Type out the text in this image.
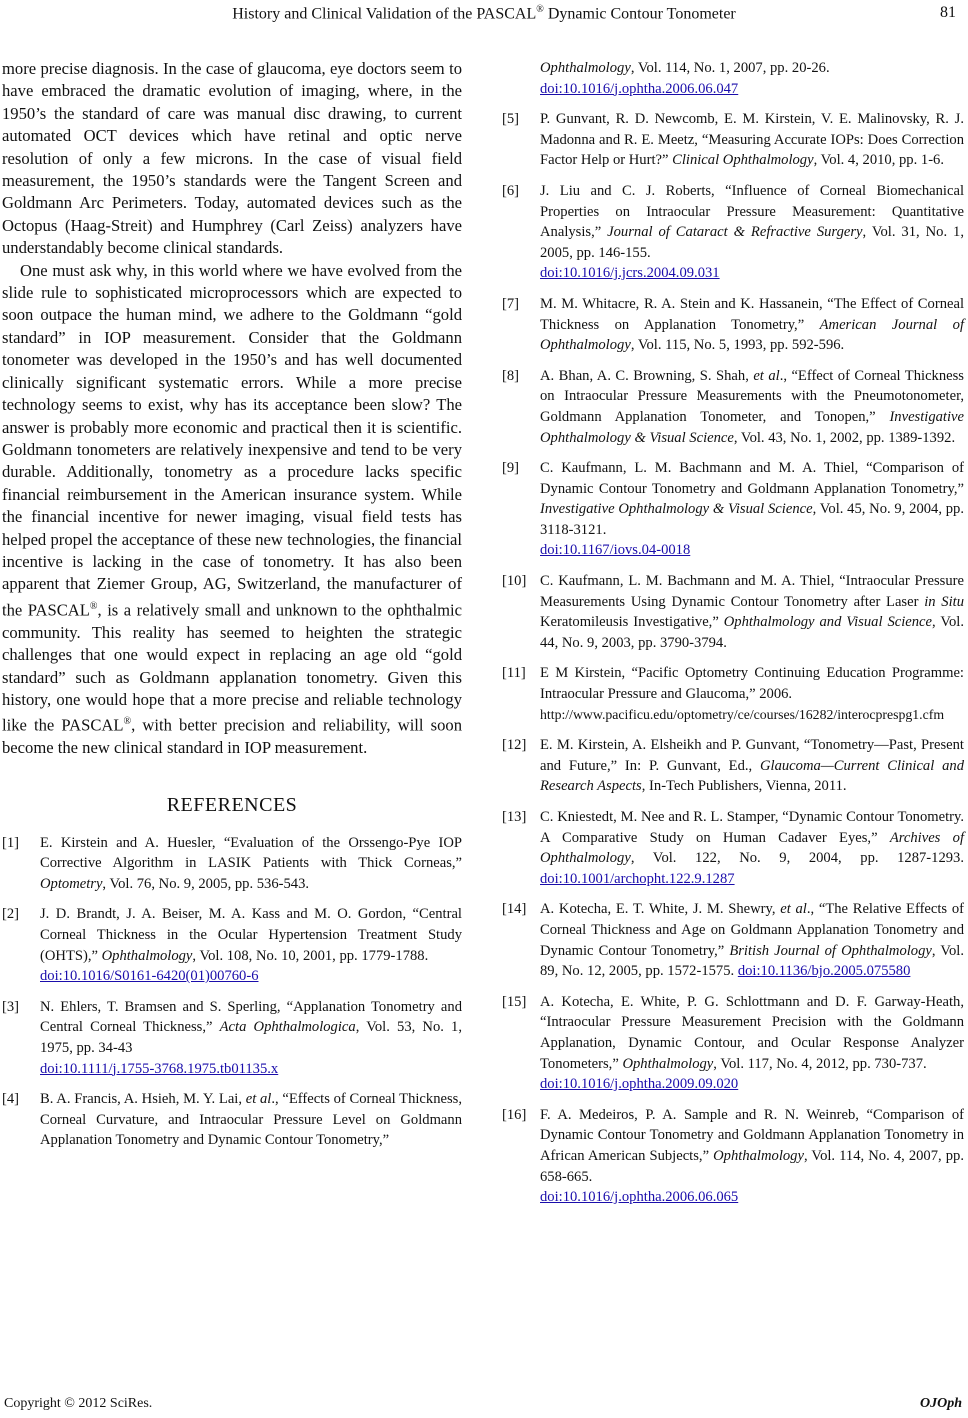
History and Clinical Validation of the PASCAL® Dynamic Contour Tonometer	81

more precise diagnosis. In the case of glaucoma, eye doctors seem to have embraced the dramatic evolution of imaging, where, in the 1950’s the standard of care was manual disc drawing, to current automated OCT devices which have retinal and optic nerve resolution of only a few microns. In the case of visual field measurement, the 1950’s standards were the Tangent Screen and Goldmann Arc Perimeters. Today, automated devices such as the Octopus (Haag-Streit) and Humphrey (Carl Zeiss) analyzers have understandably become clinical standards.

One must ask why, in this world where we have evolved from the slide rule to sophisticated microprocessors which are expected to soon outpace the human mind, we adhere to the Goldmann “gold standard” in IOP measurement. Consider that the Goldmann tonometer was developed in the 1950’s and has well documented clinically significant systematic errors. While a more precise technology seems to exist, why has its acceptance been slow? The answer is probably more economic and practical then it is scientific. Goldmann tonometers are relatively inexpensive and tend to be very durable. Additionally, tonometry as a procedure lacks specific financial reimbursement in the American insurance system. While the financial incentive for newer imaging, visual field tests has helped propel the acceptance of these new technologies, the financial incentive is lacking in the case of tonometry. It has also been apparent that Ziemer Group, AG, Switzerland, the manufacturer of the PASCAL®, is a relatively small and unknown to the ophthalmic community. This reality has seemed to heighten the strategic challenges that one would expect in replacing an age old “gold standard” such as Goldmann applanation tonometry. Given this history, one would hope that a more precise and reliable technology like the PASCAL®, with better precision and reliability, will soon become the new clinical standard in IOP measurement.

REFERENCES
[1] E. Kirstein and A. Huesler, “Evaluation of the Orssengo-Pye IOP Corrective Algorithm in LASIK Patients with Thick Corneas,” Optometry, Vol. 76, No. 9, 2005, pp. 536-543.
[2] J. D. Brandt, J. A. Beiser, M. A. Kass and M. O. Gordon, “Central Corneal Thickness in the Ocular Hypertension Treatment Study (OHTS),” Ophthalmology, Vol. 108, No. 10, 2001, pp. 1779-1788.
doi:10.1016/S0161-6420(01)00760-6
[3] N. Ehlers, T. Bramsen and S. Sperling, “Applanation Tonometry and Central Corneal Thickness,” Acta Ophthalmologica, Vol. 53, No. 1, 1975, pp. 34-43
doi:10.1111/j.1755-3768.1975.tb01135.x
[4] B. A. Francis, A. Hsieh, M. Y. Lai, et al., “Effects of Corneal Thickness, Corneal Curvature, and Intraocular Pressure Level on Goldmann Applanation Tonometry and Dynamic Contour Tonometry,”
Ophthalmology, Vol. 114, No. 1, 2007, pp. 20-26.
doi:10.1016/j.ophtha.2006.06.047
[5] P. Gunvant, R. D. Newcomb, E. M. Kirstein, V. E. Malinovsky, R. J. Madonna and R. E. Meetz, “Measuring Accurate IOPs: Does Correction Factor Help or Hurt?” Clinical Ophthalmology, Vol. 4, 2010, pp. 1-6.
[6] J. Liu and C. J. Roberts, “Influence of Corneal Biomechanical Properties on Intraocular Pressure Measurement: Quantitative Analysis,” Journal of Cataract & Refractive Surgery, Vol. 31, No. 1, 2005, pp. 146-155.
doi:10.1016/j.jcrs.2004.09.031
[7] M. M. Whitacre, R. A. Stein and K. Hassanein, “The Effect of Corneal Thickness on Applanation Tonometry,” American Journal of Ophthalmology, Vol. 115, No. 5, 1993, pp. 592-596.
[8] A. Bhan, A. C. Browning, S. Shah, et al., “Effect of Corneal Thickness on Intraocular Pressure Measurements with the Pneumotonometer, Goldmann Applanation Tonometer, and Tonopen,” Investigative Ophthalmology & Visual Science, Vol. 43, No. 1, 2002, pp. 1389-1392.
[9] C. Kaufmann, L. M. Bachmann and M. A. Thiel, “Comparison of Dynamic Contour Tonometry and Goldmann Applanation Tonometry,” Investigative Ophthalmology & Visual Science, Vol. 45, No. 9, 2004, pp. 3118-3121.
doi:10.1167/iovs.04-0018
[10] C. Kaufmann, L. M. Bachmann and M. A. Thiel, “Intraocular Pressure Measurements Using Dynamic Contour Tonometry after Laser in Situ Keratomileusis Investigative,” Ophthalmology and Visual Science, Vol. 44, No. 9, 2003, pp. 3790-3794.
[11] E M Kirstein, “Pacific Optometry Continuing Education Programme: Intraocular Pressure and Glaucoma,” 2006.
http://www.pacificu.edu/optometry/ce/courses/16282/interocprespg1.cfm
[12] E. M. Kirstein, A. Elsheikh and P. Gunvant, “Tonometry—Past, Present and Future,” In: P. Gunvant, Ed., Glaucoma—Current Clinical and Research Aspects, In-Tech Publishers, Vienna, 2011.
[13] C. Kniestedt, M. Nee and R. L. Stamper, “Dynamic Contour Tonometry. A Comparative Study on Human Cadaver Eyes,” Archives of Ophthalmology, Vol. 122, No. 9, 2004, pp. 1287-1293. doi:10.1001/archopht.122.9.1287
[14] A. Kotecha, E. T. White, J. M. Shewry, et al., “The Relative Effects of Corneal Thickness and Age on Goldmann Applanation Tonometry and Dynamic Contour Tonometry,” British Journal of Ophthalmology, Vol. 89, No. 12, 2005, pp. 1572-1575. doi:10.1136/bjo.2005.075580
[15] A. Kotecha, E. White, P. G. Schlottmann and D. F. Garway-Heath, “Intraocular Pressure Measurement Precision with the Goldmann Applanation, Dynamic Contour, and Ocular Response Analyzer Tonometers,” Ophthalmology, Vol. 117, No. 4, 2012, pp. 730-737.
doi:10.1016/j.ophtha.2009.09.020
[16] F. A. Medeiros, P. A. Sample and R. N. Weinreb, “Comparison of Dynamic Contour Tonometry and Goldmann Applanation Tonometry in African American Subjects,” Ophthalmology, Vol. 114, No. 4, 2007, pp. 658-665.
doi:10.1016/j.ophtha.2006.06.065
Copyright © 2012 SciRes.	OJOph
